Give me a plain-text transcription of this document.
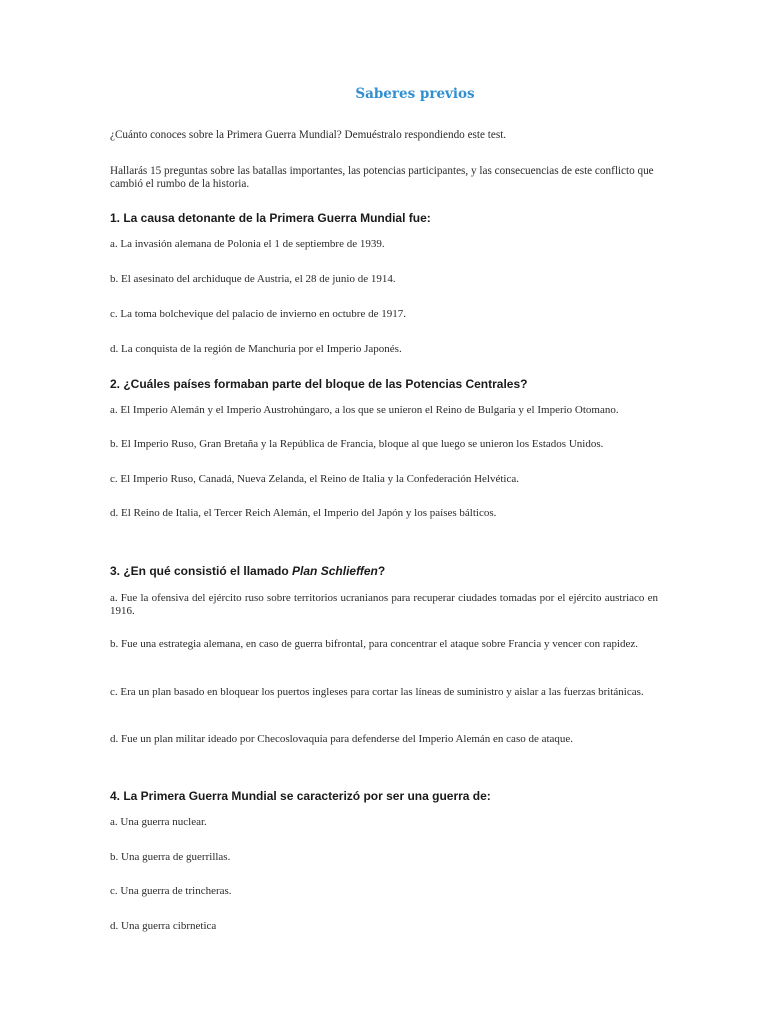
Saberes previos

¿Cuánto conoces sobre la Primera Guerra Mundial? Demuéstralo respondiendo este test.

Hallarás 15 preguntas sobre las batallas importantes, las potencias participantes, y las consecuencias de este conflicto que cambió el rumbo de la historia.

1. La causa detonante de la Primera Guerra Mundial fue:

a. La invasión alemana de Polonia el 1 de septiembre de 1939.

b. El asesinato del archiduque de Austria, el 28 de junio de 1914.

c. La toma bolchevique del palacio de invierno en octubre de 1917.

d. La conquista de la región de Manchuria por el Imperio Japonés.

2. ¿Cuáles países formaban parte del bloque de las Potencias Centrales?

a. El Imperio Alemán y el Imperio Austrohúngaro, a los que se unieron el Reino de Bulgaria y el Imperio Otomano.

b. El Imperio Ruso, Gran Bretaña y la República de Francia, bloque al que luego se unieron los Estados Unidos.

c. El Imperio Ruso, Canadá, Nueva Zelanda, el Reino de Italia y la Confederación Helvética.

d. El Reino de Italia, el Tercer Reich Alemán, el Imperio del Japón y los países bálticos.

3. ¿En qué consistió el llamado Plan Schlieffen?

a. Fue la ofensiva del ejército ruso sobre territorios ucranianos para recuperar ciudades tomadas por el ejército austriaco en 1916.

b. Fue una estrategia alemana, en caso de guerra bifrontal, para concentrar el ataque sobre Francia y vencer con rapidez.

c. Era un plan basado en bloquear los puertos ingleses para cortar las líneas de suministro y aislar a las fuerzas británicas.

d. Fue un plan militar ideado por Checoslovaquia para defenderse del Imperio Alemán en caso de ataque.

4. La Primera Guerra Mundial se caracterizó por ser una guerra de:

a. Una guerra nuclear.

b. Una guerra de guerrillas.

c. Una guerra de trincheras.

d. Una guerra cibrnetica
